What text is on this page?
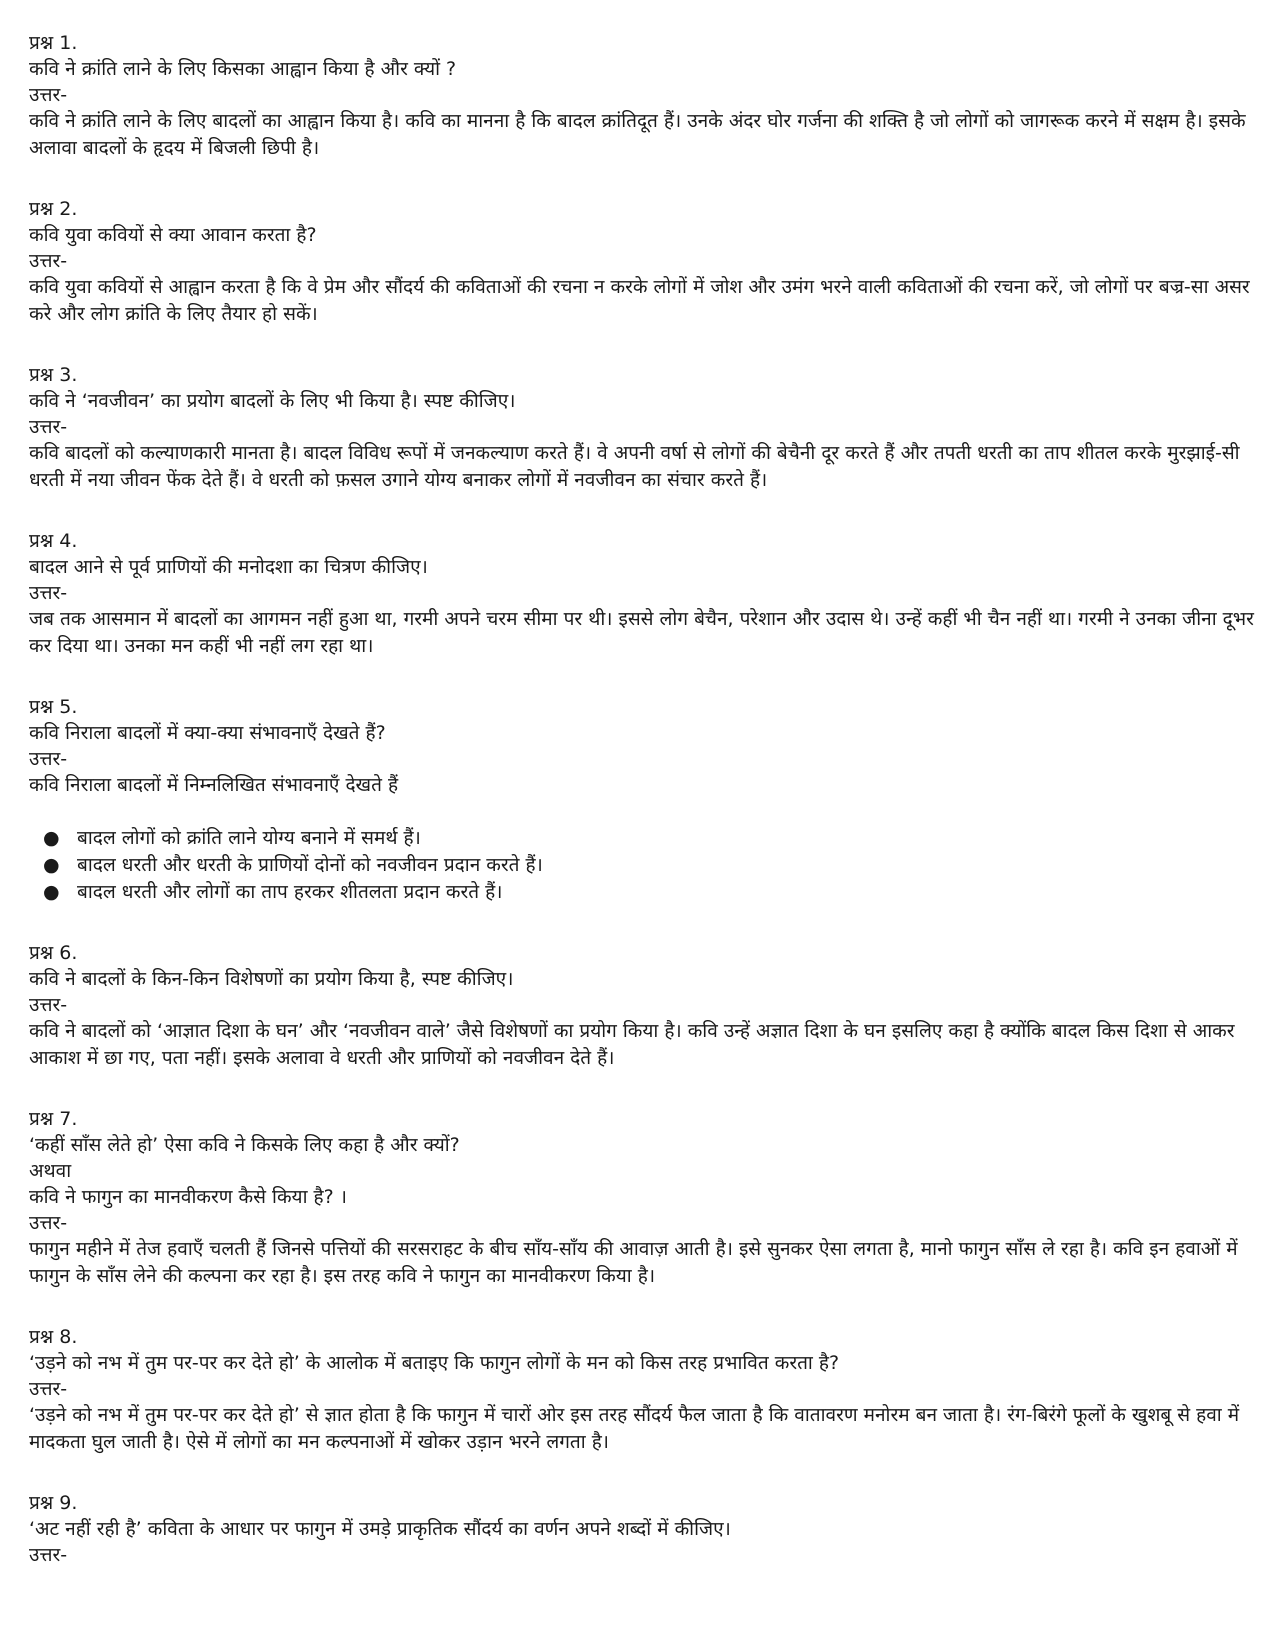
प्रश्न 1.
कवि ने क्रांति लाने के लिए किसका आह्वान किया है और क्यों ?
उत्तर-
कवि ने क्रांति लाने के लिए बादलों का आह्वान किया है। कवि का मानना है कि बादल क्रांतिदूत हैं। उनके अंदर घोर गर्जना की शक्ति है जो लोगों को जागरूक करने में सक्षम है। इसके अलावा बादलों के हृदय में बिजली छिपी है।
प्रश्न 2.
कवि युवा कवियों से क्या आवान करता है?
उत्तर-
कवि युवा कवियों से आह्वान करता है कि वे प्रेम और सौंदर्य की कविताओं की रचना न करके लोगों में जोश और उमंग भरने वाली कविताओं की रचना करें, जो लोगों पर बज्र-सा असर करे और लोग क्रांति के लिए तैयार हो सकें।
प्रश्न 3.
कवि ने ‘नवजीवन’ का प्रयोग बादलों के लिए भी किया है। स्पष्ट कीजिए।
उत्तर-
कवि बादलों को कल्याणकारी मानता है। बादल विविध रूपों में जनकल्याण करते हैं। वे अपनी वर्षा से लोगों की बेचैनी दूर करते हैं और तपती धरती का ताप शीतल करके मुरझाई-सी धरती में नया जीवन फेंक देते हैं। वे धरती को फ़सल उगाने योग्य बनाकर लोगों में नवजीवन का संचार करते हैं।
प्रश्न 4.
बादल आने से पूर्व प्राणियों की मनोदशा का चित्रण कीजिए।
उत्तर-
जब तक आसमान में बादलों का आगमन नहीं हुआ था, गरमी अपने चरम सीमा पर थी। इससे लोग बेचैन, परेशान और उदास थे। उन्हें कहीं भी चैन नहीं था। गरमी ने उनका जीना दूभर कर दिया था। उनका मन कहीं भी नहीं लग रहा था।
प्रश्न 5.
कवि निराला बादलों में क्या-क्या संभावनाएँ देखते हैं?
उत्तर-
कवि निराला बादलों में निम्नलिखित संभावनाएँ देखते हैं
● बादल लोगों को क्रांति लाने योग्य बनाने में समर्थ हैं।
● बादल धरती और धरती के प्राणियों दोनों को नवजीवन प्रदान करते हैं।
● बादल धरती और लोगों का ताप हरकर शीतलता प्रदान करते हैं।
प्रश्न 6.
कवि ने बादलों के किन-किन विशेषणों का प्रयोग किया है, स्पष्ट कीजिए।
उत्तर-
कवि ने बादलों को ‘आज्ञात दिशा के घन’ और ‘नवजीवन वाले’ जैसे विशेषणों का प्रयोग किया है। कवि उन्हें अज्ञात दिशा के घन इसलिए कहा है क्योंकि बादल किस दिशा से आकर आकाश में छा गए, पता नहीं। इसके अलावा वे धरती और प्राणियों को नवजीवन देते हैं।
प्रश्न 7.
‘कहीं साँस लेते हो’ ऐसा कवि ने किसके लिए कहा है और क्यों?
अथवा
कवि ने फागुन का मानवीकरण कैसे किया है? ।
उत्तर-
फागुन महीने में तेज हवाएँ चलती हैं जिनसे पत्तियों की सरसराहट के बीच साँय-साँय की आवाज़ आती है। इसे सुनकर ऐसा लगता है, मानो फागुन साँस ले रहा है। कवि इन हवाओं में फागुन के साँस लेने की कल्पना कर रहा है। इस तरह कवि ने फागुन का मानवीकरण किया है।
प्रश्न 8.
‘उड़ने को नभ में तुम पर-पर कर देते हो’ के आलोक में बताइए कि फागुन लोगों के मन को किस तरह प्रभावित करता है?
उत्तर-
‘उड़ने को नभ में तुम पर-पर कर देते हो’ से ज्ञात होता है कि फागुन में चारों ओर इस तरह सौंदर्य फैल जाता है कि वातावरण मनोरम बन जाता है। रंग-बिरंगे फूलों के खुशबू से हवा में मादकता घुल जाती है। ऐसे में लोगों का मन कल्पनाओं में खोकर उड़ान भरने लगता है।
प्रश्न 9.
‘अट नहीं रही है’ कविता के आधार पर फागुन में उमड़े प्राकृतिक सौंदर्य का वर्णन अपने शब्दों में कीजिए।
उत्तर-
